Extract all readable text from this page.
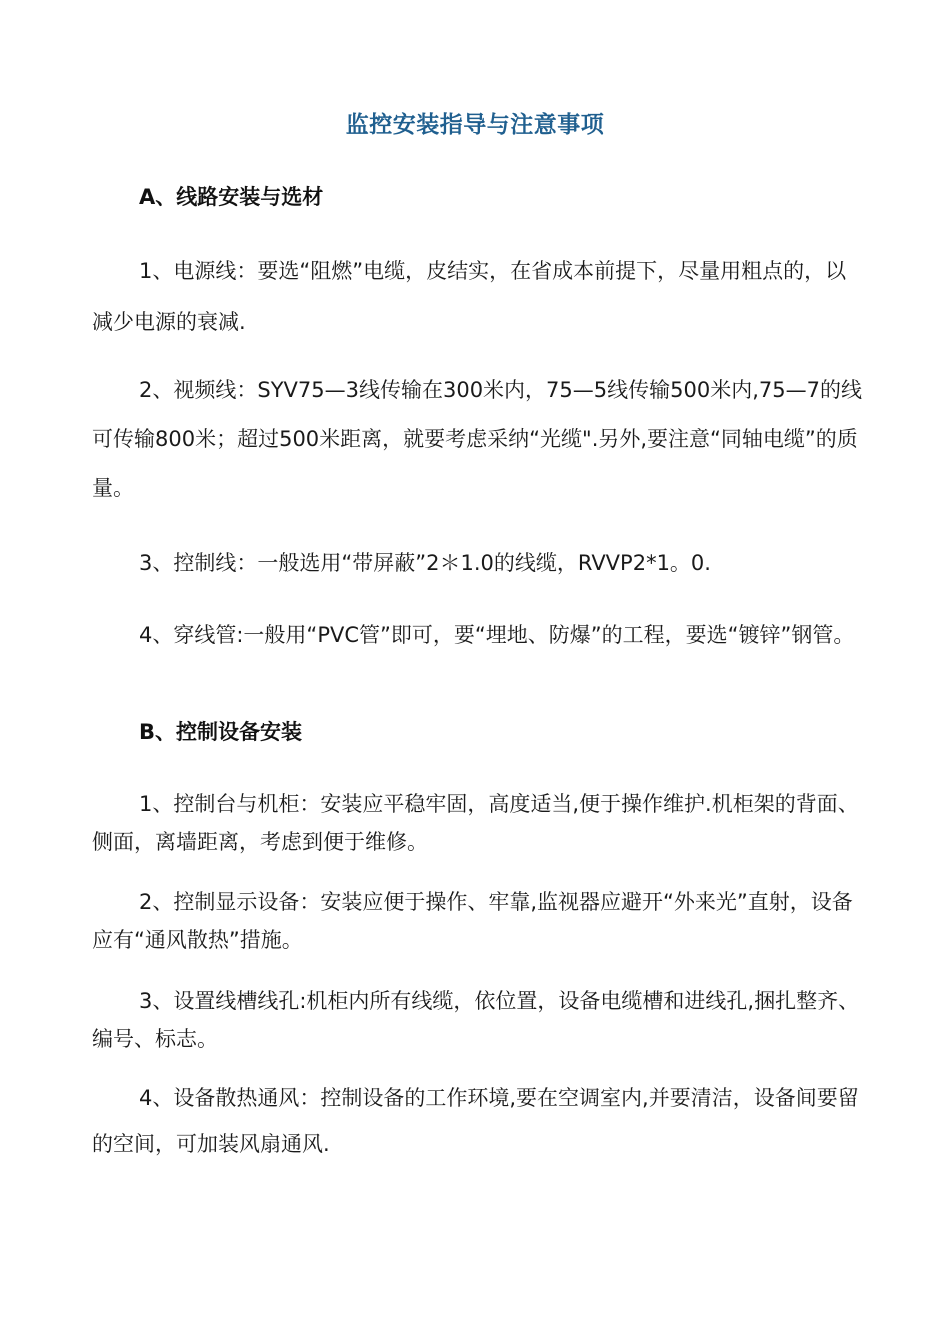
监控安装指导与注意事项
A、线路安装与选材
1、电源线：要选“阻燃”电缆，皮结实，在省成本前提下，尽量用粗点的，以减少电源的衰减.
2、视频线：SYV75—3线传输在300米内，75—5线传输500米内,75—7的线可传输800米；超过500米距离，就要考虑采纳“光缆".另外,要注意“同轴电缆”的质量。
3、控制线：一般选用“带屏蔽”2＊1.0的线缆，RVVP2*1。0.
4、穿线管:一般用“PVC管”即可，要“埋地、防爆”的工程，要选“镀锌”钢管。
B、控制设备安装
1、控制台与机柜：安装应平稳牢固，高度适当,便于操作维护.机柜架的背面、侧面，离墙距离，考虑到便于维修。
2、控制显示设备：安装应便于操作、牢靠,监视器应避开“外来光”直射，设备应有“通风散热”措施。
3、设置线槽线孔:机柜内所有线缆，依位置，设备电缆槽和进线孔,捆扎整齐、编号、标志。
4、设备散热通风：控制设备的工作环境,要在空调室内,并要清洁，设备间要留的空间，可加装风扇通风.
